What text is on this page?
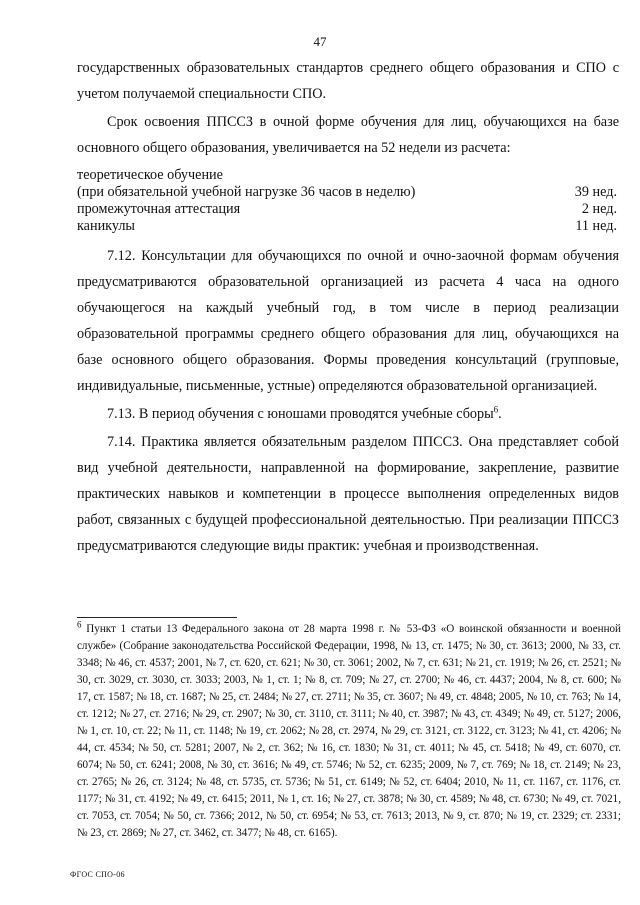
47

государственных образовательных стандартов среднего общего образования и СПО с учетом получаемой специальности СПО.

Срок освоения ППССЗ в очной форме обучения для лиц, обучающихся на базе основного общего образования, увеличивается на 52 недели из расчета:

теоретическое обучение
(при обязательной учебной нагрузке 36 часов в неделю)	39 нед.
промежуточная аттестация	2 нед.
каникулы	11 нед.

7.12. Консультации для обучающихся по очной и очно-заочной формам обучения предусматриваются образовательной организацией из расчета 4 часа на одного обучающегося на каждый учебный год, в том числе в период реализации образовательной программы среднего общего образования для лиц, обучающихся на базе основного общего образования. Формы проведения консультаций (групповые, индивидуальные, письменные, устные) определяются образовательной организацией.

7.13. В период обучения с юношами проводятся учебные сборы$^6$.

7.14. Практика является обязательным разделом ППССЗ. Она представляет собой вид учебной деятельности, направленной на формирование, закрепление, развитие практических навыков и компетенции в процессе выполнения определенных видов работ, связанных с будущей профессиональной деятельностью. При реализации ППССЗ предусматриваются следующие виды практик: учебная и производственная.

$^6$ Пункт 1 статьи 13 Федерального закона от 28 марта 1998 г. № 53-ФЗ «О воинской обязанности и военной службе» (Собрание законодательства Российской Федерации, 1998, № 13, ст. 1475; № 30, ст. 3613; 2000, № 33, ст. 3348; № 46, ст. 4537; 2001, № 7, ст. 620, ст. 621; № 30, ст. 3061; 2002, № 7, ст. 631; № 21, ст. 1919; № 26, ст. 2521; № 30, ст. 3029, ст. 3030, ст. 3033; 2003, № 1, ст. 1; № 8, ст. 709; № 27, ст. 2700; № 46, ст. 4437; 2004, № 8, ст. 600; № 17, ст. 1587; № 18, ст. 1687; № 25, ст. 2484; № 27, ст. 2711; № 35, ст. 3607; № 49, ст. 4848; 2005, № 10, ст. 763; № 14, ст. 1212; № 27, ст. 2716; № 29, ст. 2907; № 30, ст. 3110, ст. 3111; № 40, ст. 3987; № 43, ст. 4349; № 49, ст. 5127; 2006, № 1, ст. 10, ст. 22; № 11, ст. 1148; № 19, ст. 2062; № 28, ст. 2974, № 29, ст. 3121, ст. 3122, ст. 3123; № 41, ст. 4206; № 44, ст. 4534; № 50, ст. 5281; 2007, № 2, ст. 362; № 16, ст. 1830; № 31, ст. 4011; № 45, ст. 5418; № 49, ст. 6070, ст. 6074; № 50, ст. 6241; 2008, № 30, ст. 3616; № 49, ст. 5746; № 52, ст. 6235; 2009, № 7, ст. 769; № 18, ст. 2149; № 23, ст. 2765; № 26, ст. 3124; № 48, ст. 5735, ст. 5736; № 51, ст. 6149; № 52, ст. 6404; 2010, № 11, ст. 1167, ст. 1176, ст. 1177; № 31, ст. 4192; № 49, ст. 6415; 2011, № 1, ст. 16; № 27, ст. 3878; № 30, ст. 4589; № 48, ст. 6730; № 49, ст. 7021, ст. 7053, ст. 7054; № 50, ст. 7366; 2012, № 50, ст. 6954; № 53, ст. 7613; 2013, № 9, ст. 870; № 19, ст. 2329; ст. 2331; № 23, ст. 2869; № 27, ст. 3462, ст. 3477; № 48, ст. 6165).
ФГОС СПО-06
